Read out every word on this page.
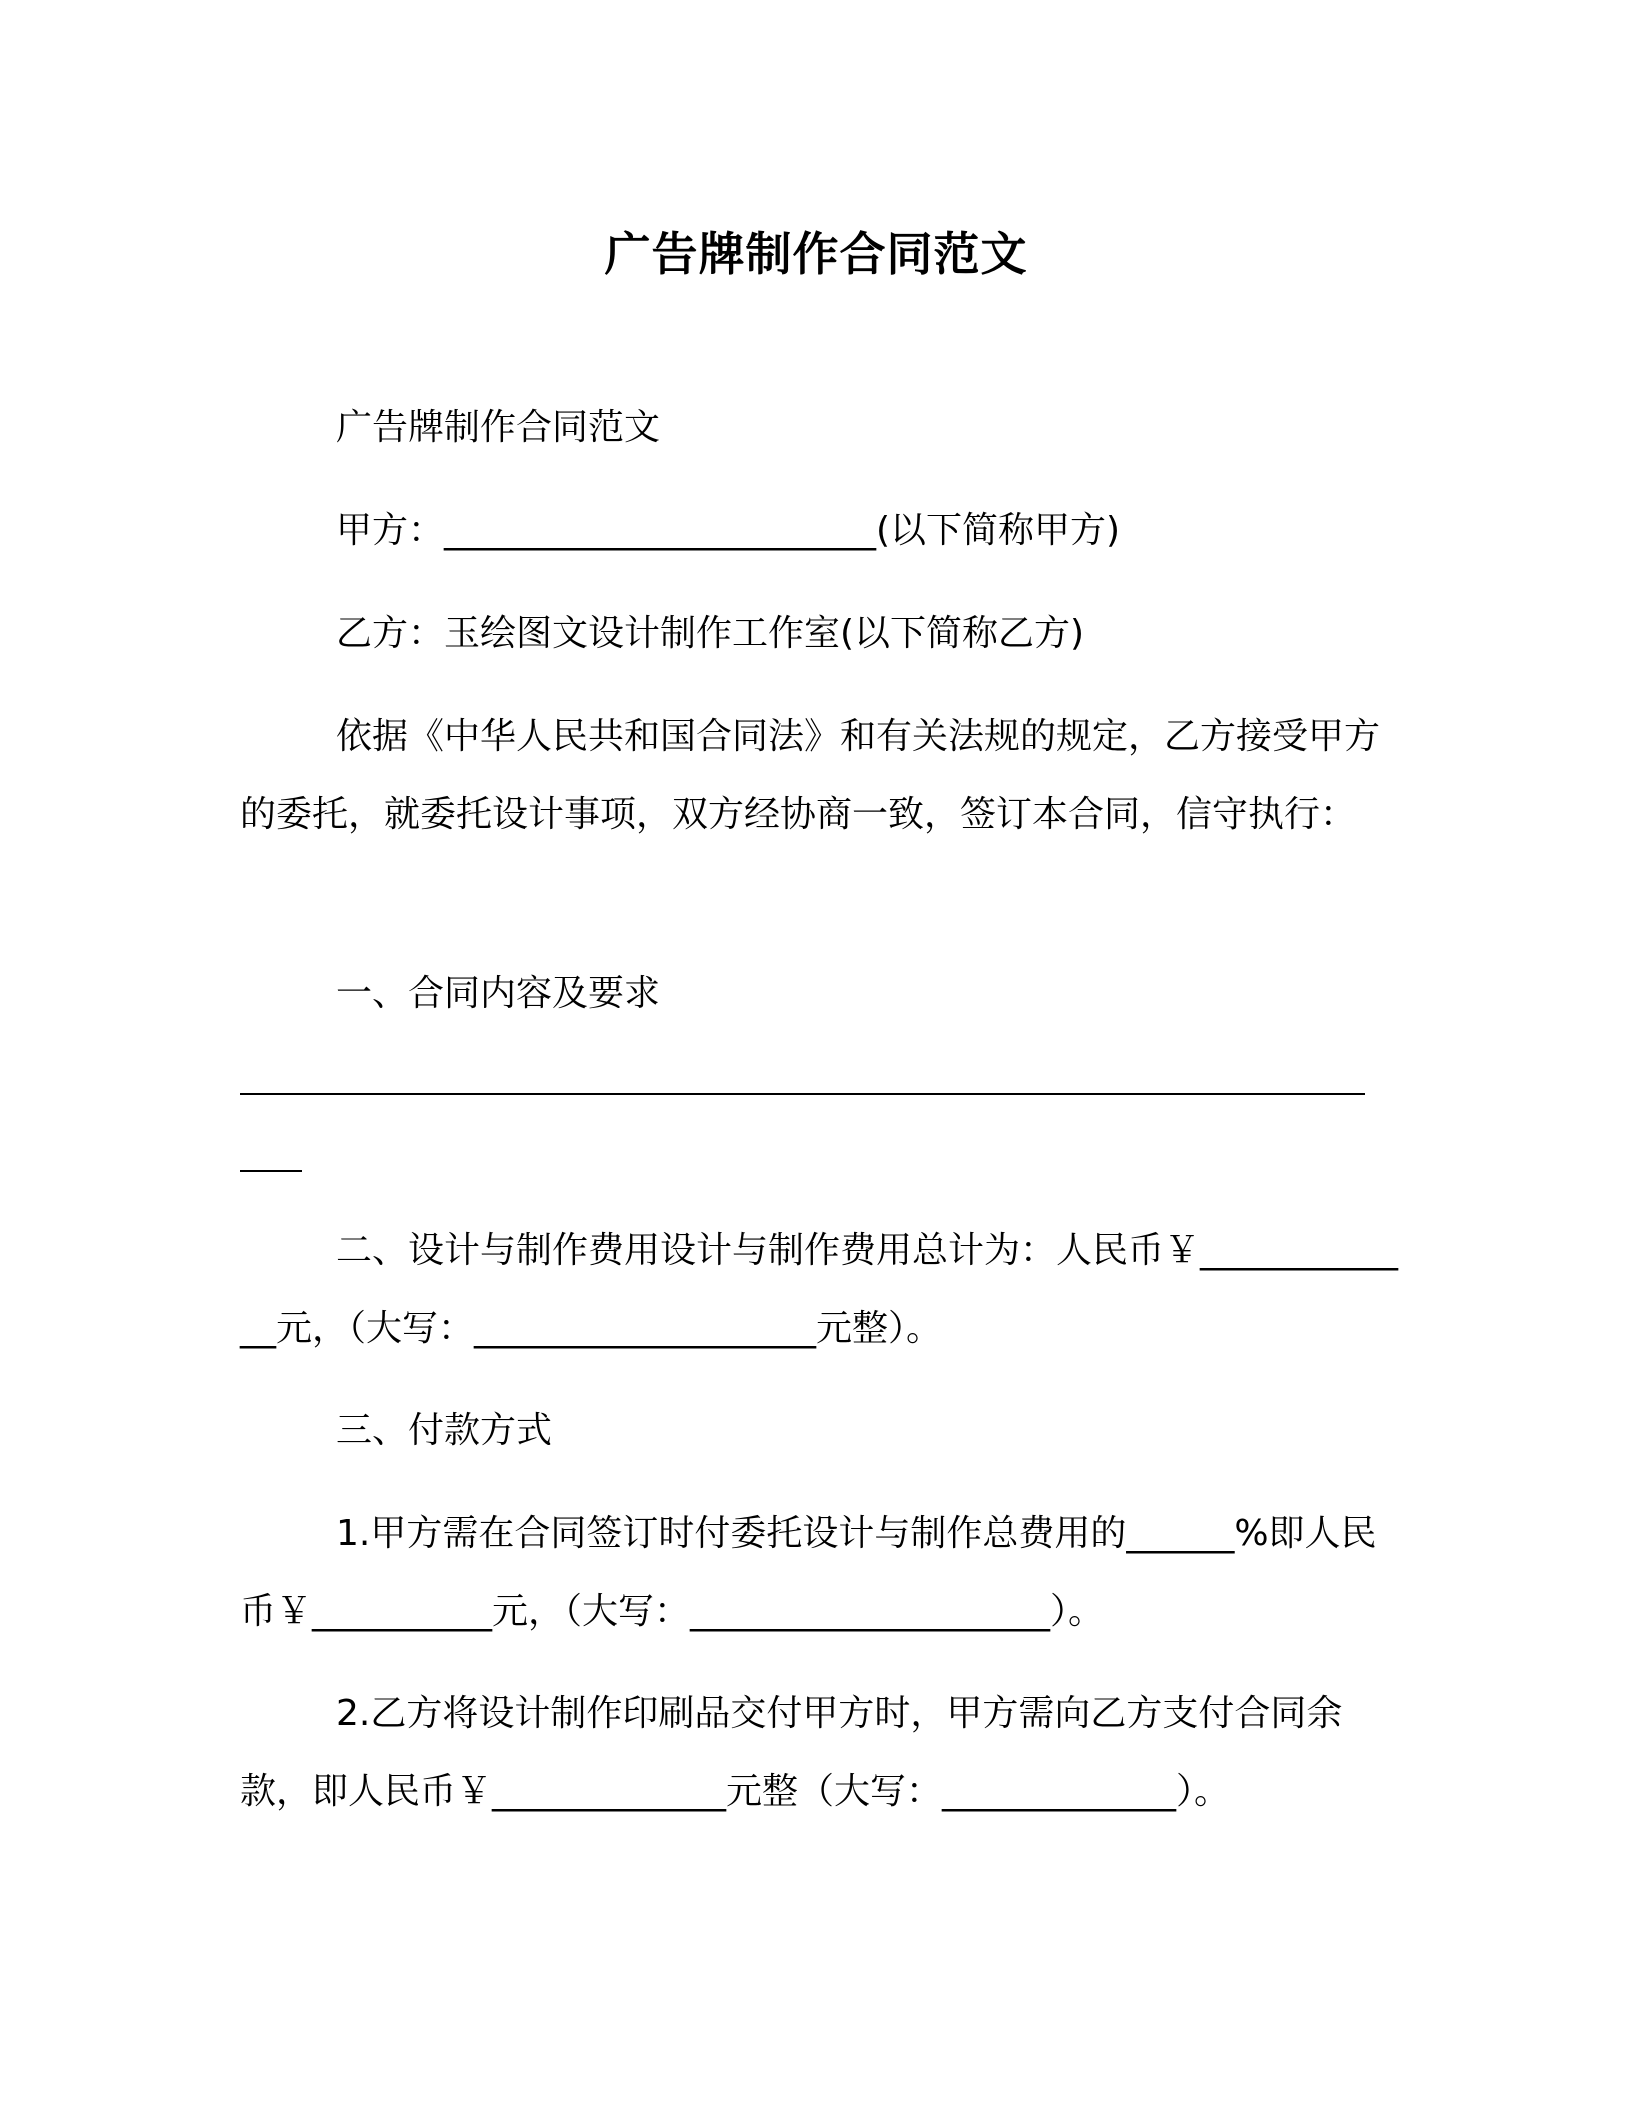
广告牌制作合同范文

广告牌制作合同范文

甲方：________________________(以下简称甲方)

乙方：玉绘图文设计制作工作室(以下简称乙方)

依据《中华人民共和国合同法》和有关法规的规定，乙方接受甲方的委托，就委托设计事项，双方经协商一致，签订本合同，信守执行：

一、合同内容及要求

二、设计与制作费用设计与制作费用总计为：人民币￥_____________元，（大写：___________________元整）。

三、付款方式

1.甲方需在合同签订时付委托设计与制作总费用的______%即人民币￥__________元，（大写：____________________）。

2.乙方将设计制作印刷品交付甲方时，甲方需向乙方支付合同余款，即人民币￥_____________元整（大写：_____________）。
